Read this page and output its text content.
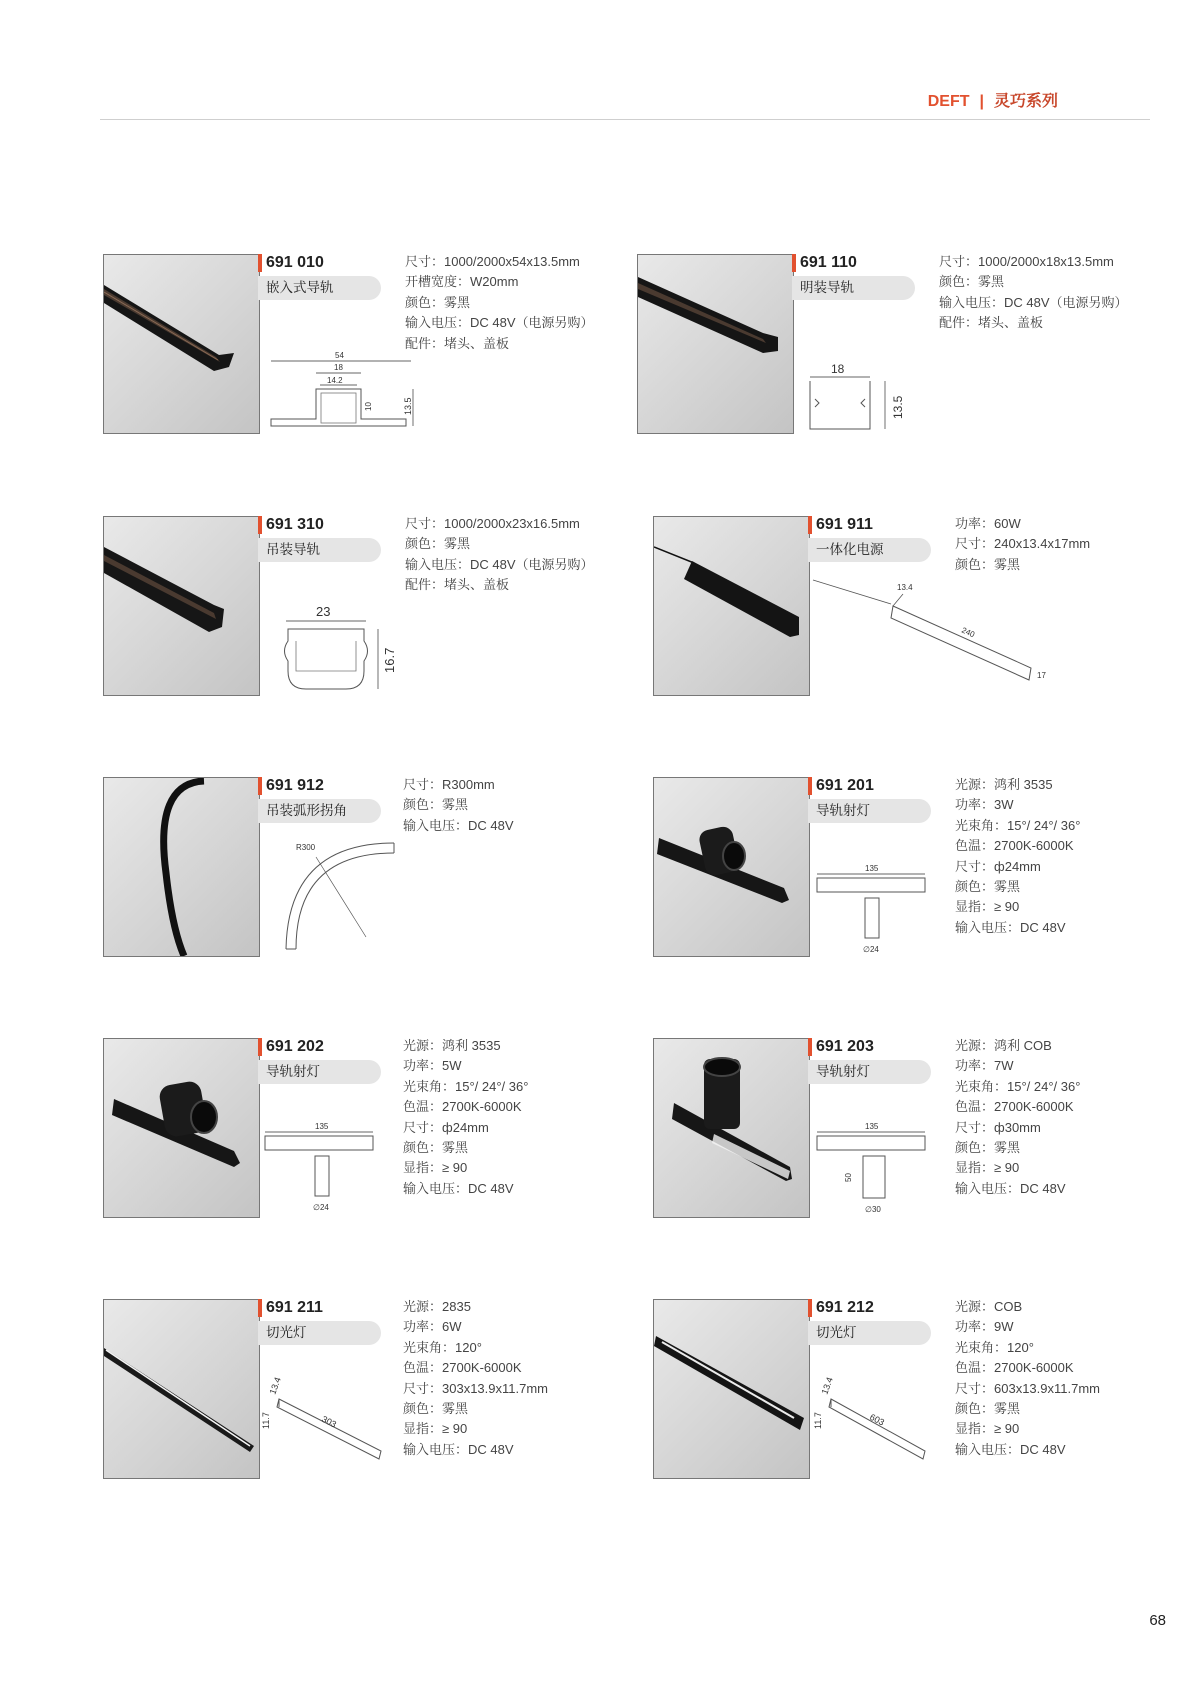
DEFT | 灵巧系列
691 010
嵌入式导轨
54
18
14.2
10	13.5
尺寸：1000/2000x54x13.5mm
开槽宽度：W20mm
颜色：雾黑
输入电压：DC 48V（电源另购）
配件：堵头、盖板
691 110
明装导轨
18
13.5
尺寸：1000/2000x18x13.5mm
颜色：雾黑
输入电压：DC 48V（电源另购）
配件：堵头、盖板
691 310
吊装导轨
23
16.7
尺寸：1000/2000x23x16.5mm
颜色：雾黑
输入电压：DC 48V（电源另购）
配件：堵头、盖板
691 911
一体化电源
13.4
240
17
功率：60W
尺寸：240x13.4x17mm
颜色：雾黑
691 912
吊装弧形拐角
R300
尺寸：R300mm
颜色：雾黑
输入电压：DC 48V
691 201
导轨射灯
135
∅24
光源：鸿利 3535
功率：3W
光束角：15°/ 24°/ 36°
色温：2700K-6000K
尺寸：ф24mm
颜色：雾黑
显指：≥ 90
输入电压：DC 48V
691 202
导轨射灯
135
∅24
光源：鸿利 3535
功率：5W
光束角：15°/ 24°/ 36°
色温：2700K-6000K
尺寸：ф24mm
颜色：雾黑
显指：≥ 90
输入电压：DC 48V
691 203
导轨射灯
135
50
∅30
光源：鸿利 COB
功率：7W
光束角：15°/ 24°/ 36°
色温：2700K-6000K
尺寸：ф30mm
颜色：雾黑
显指：≥ 90
输入电压：DC 48V
691 211
切光灯
13.4
11.7	303
光源：2835
功率：6W
光束角：120°
色温：2700K-6000K
尺寸：303x13.9x11.7mm
颜色：雾黑
显指：≥ 90
输入电压：DC 48V
691 212
切光灯
13.4
11.7	603
光源：COB
功率：9W
光束角：120°
色温：2700K-6000K
尺寸：603x13.9x11.7mm
颜色：雾黑
显指：≥ 90
输入电压：DC 48V
68
